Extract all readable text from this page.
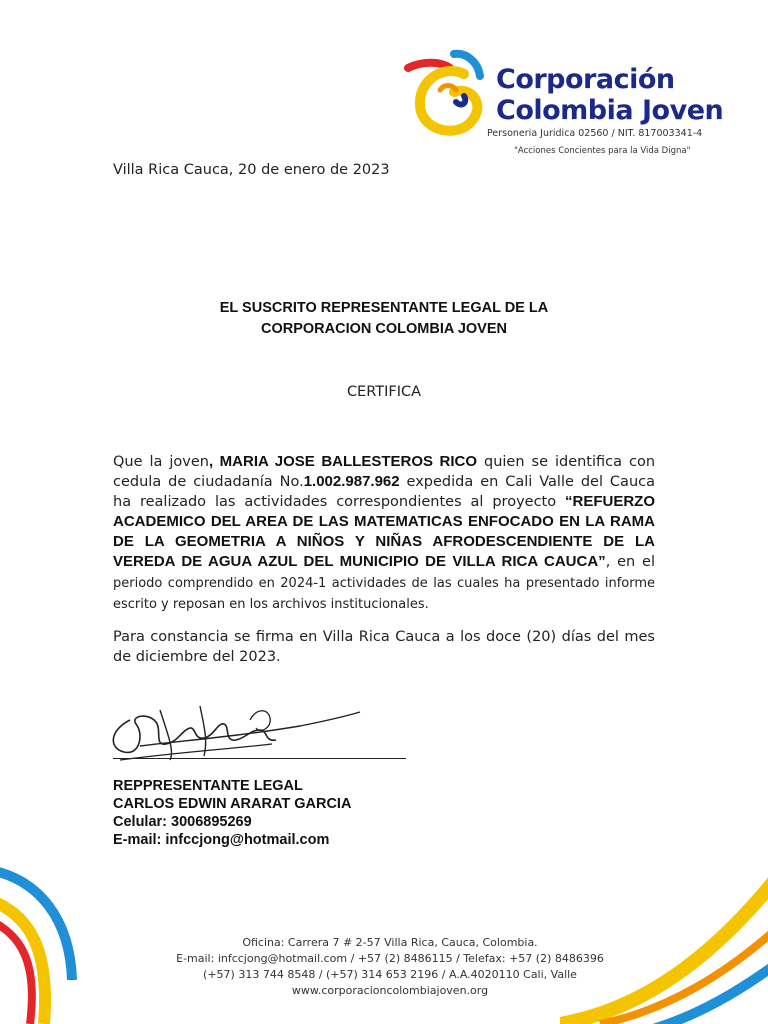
Corporación
Colombia Joven

Personeria Juridica 02560 / NIT. 817003341-4

"Acciones Concientes para la Vida Digna"

Villa Rica Cauca, 20 de enero de 2023

EL SUSCRITO REPRESENTANTE LEGAL DE LA
CORPORACION COLOMBIA JOVEN

CERTIFICA

Que la joven, MARIA JOSE BALLESTEROS RICO quien se identifica con cedula de ciudadanía No.1.002.987.962 expedida en Cali Valle del Cauca ha realizado las actividades correspondientes al proyecto “REFUERZO ACADEMICO DEL AREA DE LAS MATEMATICAS ENFOCADO EN LA RAMA DE LA GEOMETRIA A NIÑOS Y NIÑAS AFRODESCENDIENTE DE LA VEREDA DE AGUA AZUL DEL MUNICIPIO DE VILLA RICA CAUCA”, en el periodo comprendido en 2024-1 actividades de las cuales ha presentado informe escrito y reposan en los archivos institucionales.

Para constancia se firma en Villa Rica Cauca a los doce (20) días del mes de diciembre del 2023.

REPPRESENTANTE LEGAL
CARLOS EDWIN ARARAT GARCIA
Celular: 3006895269
E-mail: infccjong@hotmail.com
Oficina: Carrera 7 # 2-57 Villa Rica, Cauca, Colombia.
E-mail: infccjong@hotmail.com / +57 (2) 8486115 / Telefax: +57 (2) 8486396
(+57) 313 744 8548 / (+57) 314 653 2196 / A.A.4020110 Cali, Valle
www.corporacioncolombiajoven.org
